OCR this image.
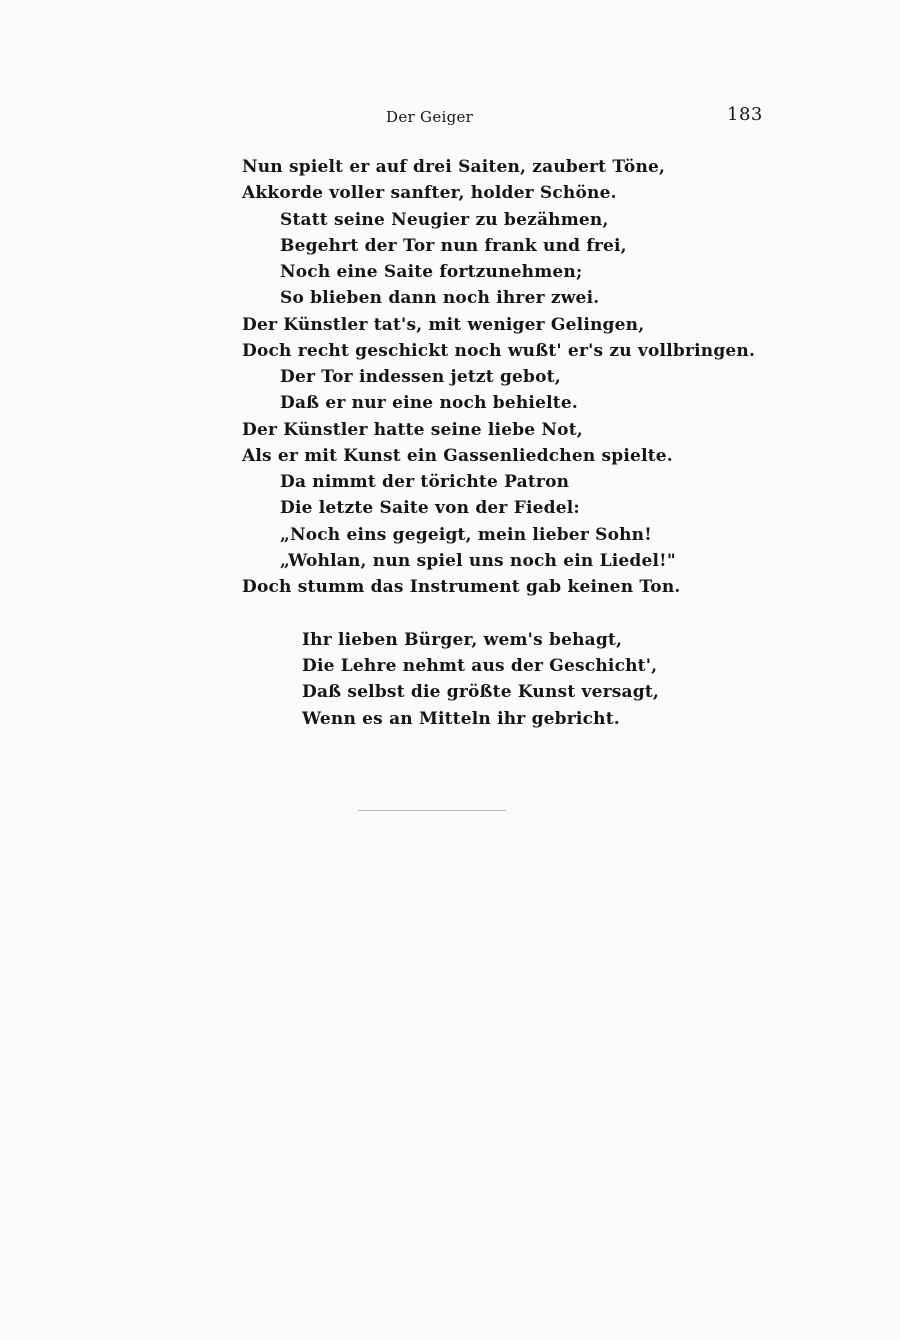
Der Geiger	183
Nun spielt er auf drei Saiten, zaubert Töne,
Akkorde voller sanfter, holder Schöne.
Statt seine Neugier zu bezähmen,
Begehrt der Tor nun frank und frei,
Noch eine Saite fortzunehmen;
So blieben dann noch ihrer zwei.
Der Künstler tat's, mit weniger Gelingen,
Doch recht geschickt noch wußt' er's zu vollbringen.
Der Tor indessen jetzt gebot,
Daß er nur eine noch behielte.
Der Künstler hatte seine liebe Not,
Als er mit Kunst ein Gassenliedchen spielte.
Da nimmt der törichte Patron
Die letzte Saite von der Fiedel:
„Noch eins gegeigt, mein lieber Sohn!
„Wohlan, nun spiel uns noch ein Liedel!"
Doch stumm das Instrument gab keinen Ton.
Ihr lieben Bürger, wem's behagt,
Die Lehre nehmt aus der Geschicht',
Daß selbst die größte Kunst versagt,
Wenn es an Mitteln ihr gebricht.
